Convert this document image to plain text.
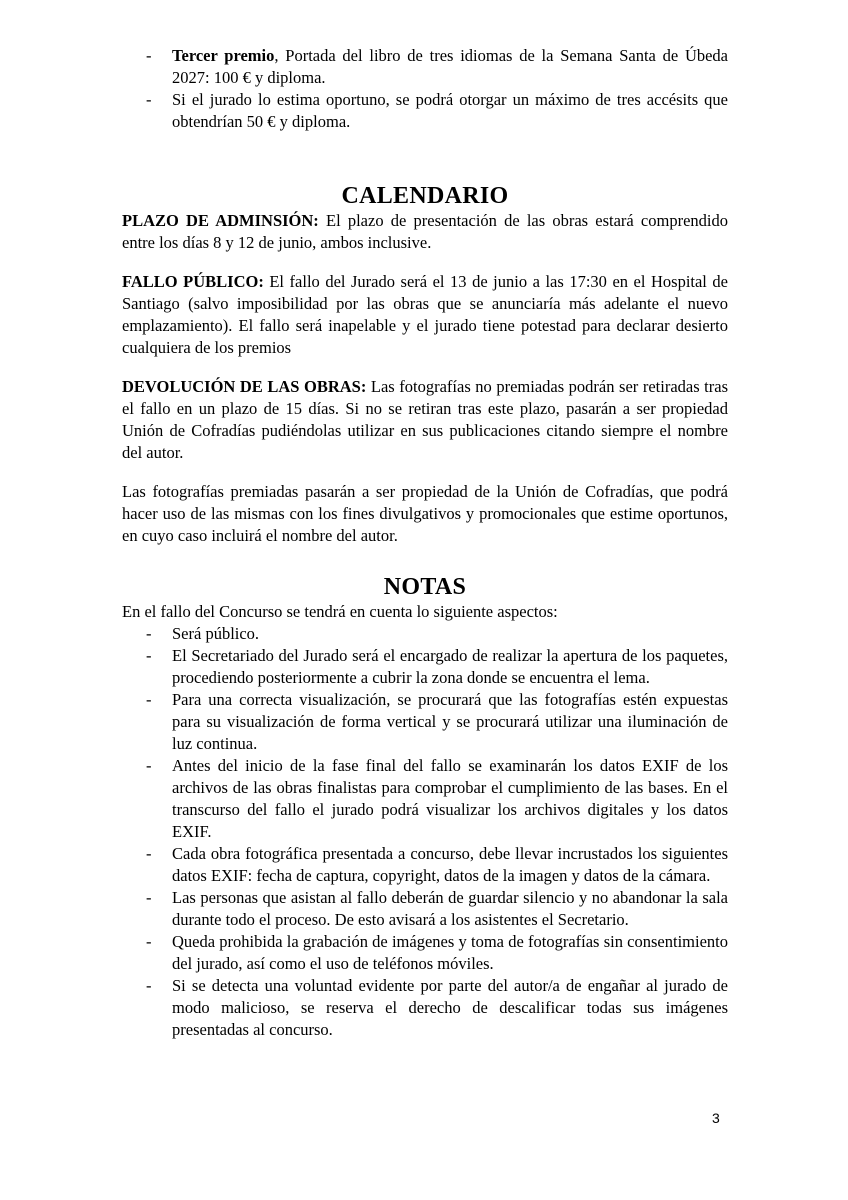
- Tercer premio, Portada del libro de tres idiomas de la Semana Santa de Úbeda 2027: 100 € y diploma.
- Si el jurado lo estima oportuno, se podrá otorgar un máximo de tres accésits que obtendrían 50 € y diploma.
CALENDARIO

PLAZO DE ADMINSIÓN: El plazo de presentación de las obras estará comprendido entre los días 8 y 12 de junio, ambos inclusive.

FALLO PÚBLICO: El fallo del Jurado será el 13 de junio a las 17:30 en el Hospital de Santiago (salvo imposibilidad por las obras que se anunciaría más adelante el nuevo emplazamiento). El fallo será inapelable y el jurado tiene potestad para declarar desierto cualquiera de los premios

DEVOLUCIÓN DE LAS OBRAS: Las fotografías no premiadas podrán ser retiradas tras el fallo en un plazo de 15 días. Si no se retiran tras este plazo, pasarán a ser propiedad Unión de Cofradías pudiéndolas utilizar en sus publicaciones citando siempre el nombre del autor.

Las fotografías premiadas pasarán a ser propiedad de la Unión de Cofradías, que podrá hacer uso de las mismas con los fines divulgativos y promocionales que estime oportunos, en cuyo caso incluirá el nombre del autor.

NOTAS

En el fallo del Concurso se tendrá en cuenta lo siguiente aspectos:

- Será público.
- El Secretariado del Jurado será el encargado de realizar la apertura de los paquetes, procediendo posteriormente a cubrir la zona donde se encuentra el lema.
- Para una correcta visualización, se procurará que las fotografías estén expuestas para su visualización de forma vertical y se procurará utilizar una iluminación de luz continua.
- Antes del inicio de la fase final del fallo se examinarán los datos EXIF de los archivos de las obras finalistas para comprobar el cumplimiento de las bases. En el transcurso del fallo el jurado podrá visualizar los archivos digitales y los datos EXIF.
- Cada obra fotográfica presentada a concurso, debe llevar incrustados los siguientes datos EXIF: fecha de captura, copyright, datos de la imagen y datos de la cámara.
- Las personas que asistan al fallo deberán de guardar silencio y no abandonar la sala durante todo el proceso. De esto avisará a los asistentes el Secretario.
- Queda prohibida la grabación de imágenes y toma de fotografías sin consentimiento del jurado, así como el uso de teléfonos móviles.
- Si se detecta una voluntad evidente por parte del autor/a de engañar al jurado de modo malicioso, se reserva el derecho de descalificar todas sus imágenes presentadas al concurso.
3
